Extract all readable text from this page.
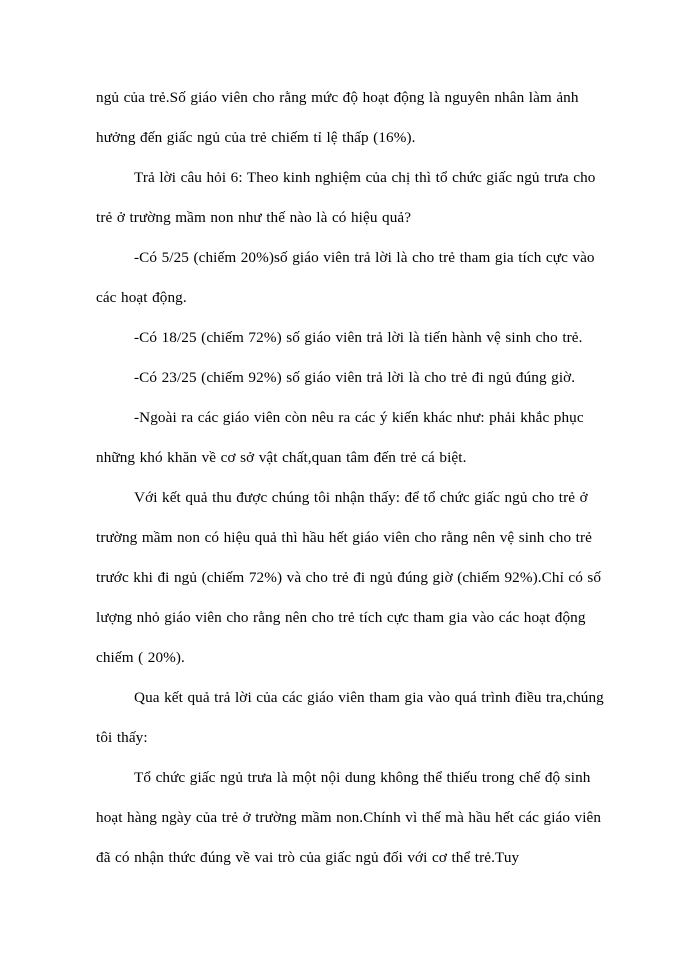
ngủ của trẻ.Số giáo viên cho rằng mức độ hoạt động là nguyên nhân làm ảnh hưởng đến giấc ngủ của trẻ chiếm tỉ lệ thấp (16%).

Trả lời câu hỏi 6: Theo kinh nghiệm của chị thì tổ chức giấc ngủ trưa cho trẻ ở trường mầm non như thế nào là có hiệu quả?

-Có 5/25 (chiếm 20%)số giáo viên trả lời là cho trẻ tham gia tích cực vào các hoạt động.

-Có 18/25 (chiếm 72%) số giáo viên trả lời là tiến hành vệ sinh cho trẻ.

-Có 23/25 (chiếm 92%) số giáo viên trả lời là cho trẻ đi ngủ đúng giờ.

-Ngoài ra các giáo viên còn nêu ra các ý kiến khác như: phải khắc phục những khó khăn về cơ sở vật chất,quan tâm đến trẻ cá biệt.

Với kết quả thu được chúng tôi nhận thấy: để tổ chức giấc ngủ cho trẻ ở trường mầm non có hiệu quả thì hầu hết giáo viên cho rằng nên vệ sinh cho trẻ trước khi đi ngủ (chiếm 72%) và cho trẻ đi ngủ đúng giờ (chiếm 92%).Chỉ có số lượng nhỏ giáo viên cho rằng nên cho trẻ tích cực tham gia vào các hoạt động chiếm ( 20%).

Qua kết quả trả lời của các giáo viên tham gia vào quá trình điều tra,chúng tôi thấy:

Tổ chức giấc ngủ trưa là một nội dung không thể thiếu trong chế độ sinh hoạt hàng ngày của trẻ ở trường mầm non.Chính vì thế mà hầu hết các giáo viên đã có nhận thức đúng về vai trò của giấc ngủ đối với cơ thể trẻ.Tuy
